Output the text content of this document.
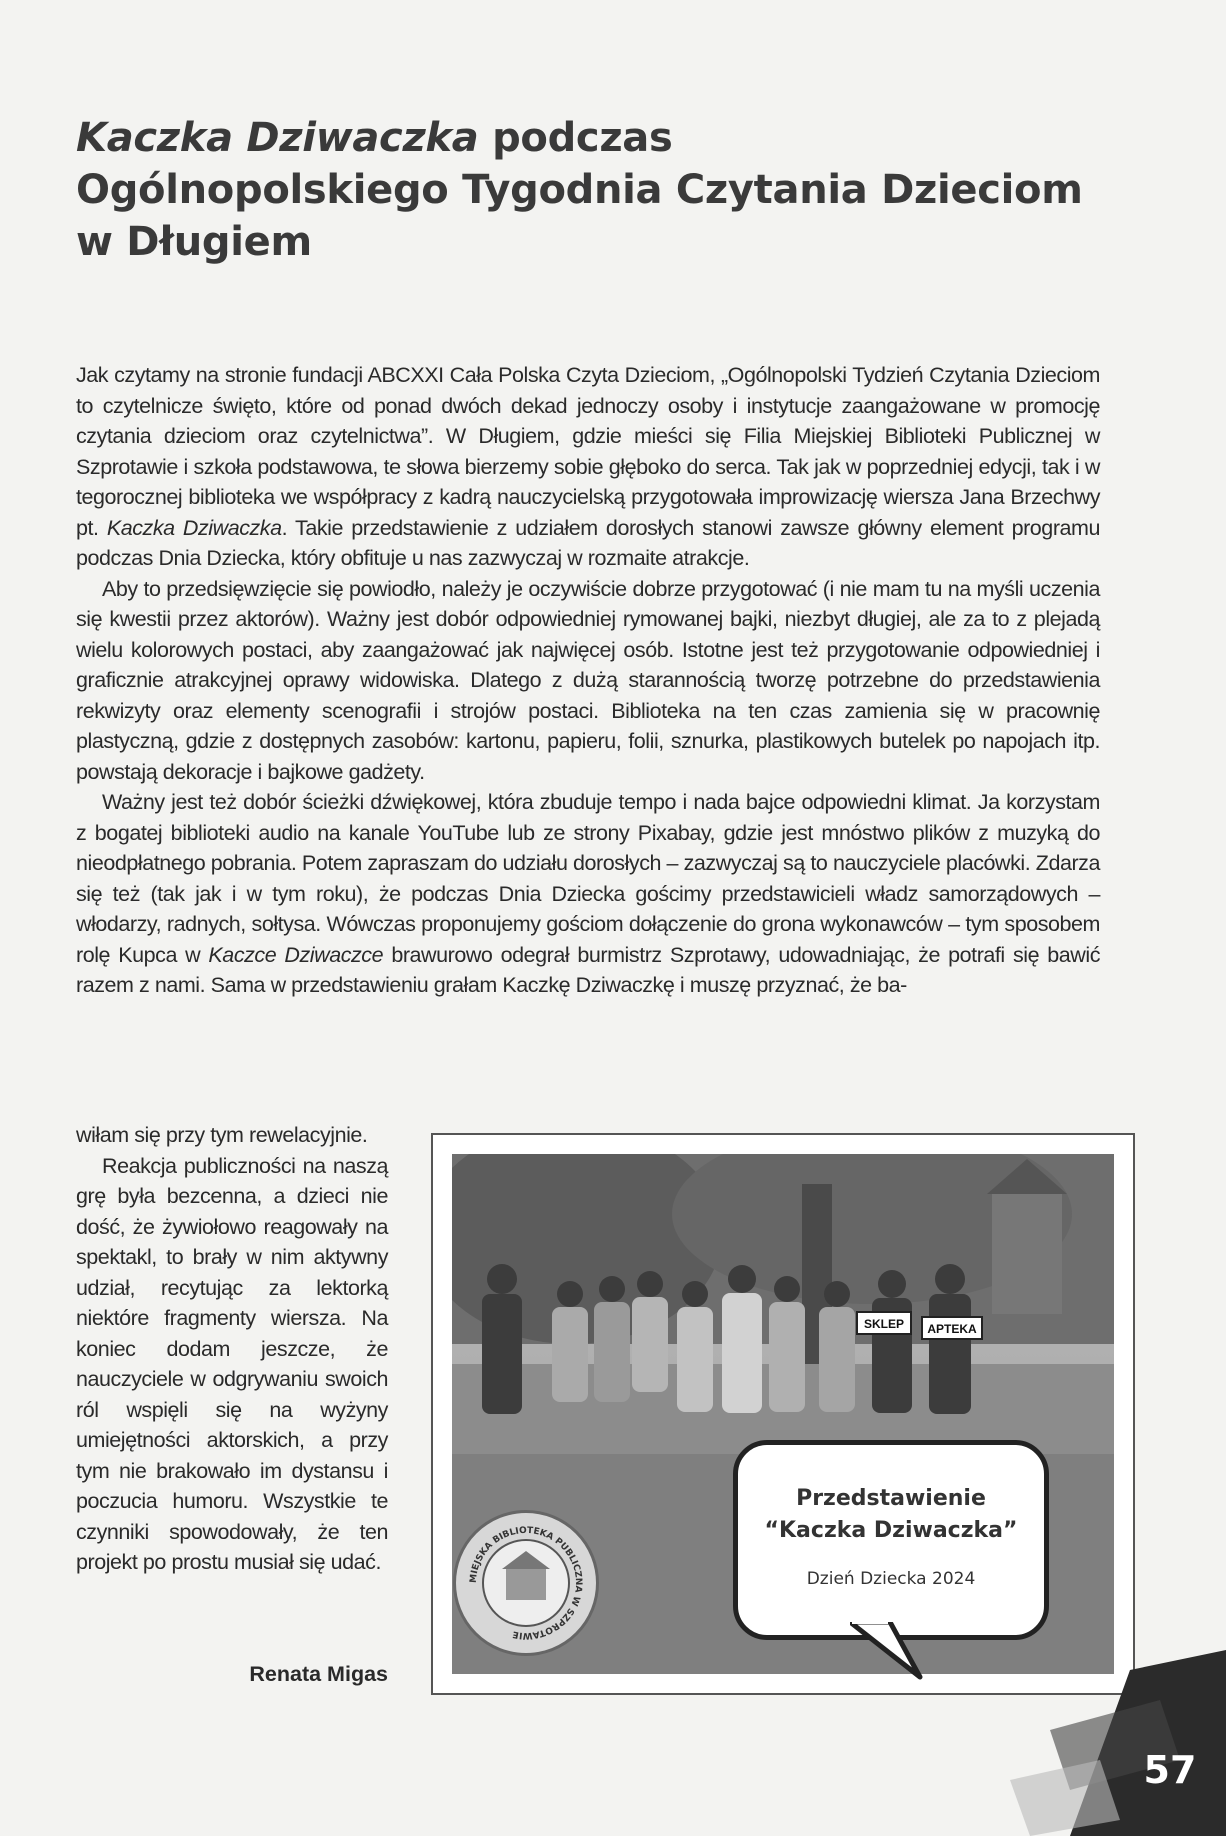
Kaczka Dziwaczka podczas
Ogólnopolskiego Tygodnia Czytania Dzieciom
w Długiem

Jak czytamy na stronie fundacji ABCXXI Cała Polska Czyta Dzieciom, „Ogólnopolski Tydzień Czytania Dzieciom to czytelnicze święto, które od ponad dwóch dekad jednoczy osoby i instytucje zaangażowane w promocję czytania dzieciom oraz czytelnictwa”. W Długiem, gdzie mieści się Filia Miejskiej Biblioteki Publicznej w Szprotawie i szkoła podstawowa, te słowa bierzemy sobie głęboko do serca. Tak jak w poprzedniej edycji, tak i w tegorocznej biblioteka we współpracy z kadrą nauczycielską przygotowała improwizację wiersza Jana Brzechwy pt. Kaczka Dziwaczka. Takie przedstawienie z udziałem dorosłych stanowi zawsze główny element programu podczas Dnia Dziecka, który obfituje u nas zazwyczaj w rozmaite atrakcje.

Aby to przedsięwzięcie się powiodło, należy je oczywiście dobrze przygotować (i nie mam tu na myśli uczenia się kwestii przez aktorów). Ważny jest dobór odpowiedniej rymowanej bajki, niezbyt długiej, ale za to z plejadą wielu kolorowych postaci, aby zaangażować jak najwięcej osób. Istotne jest też przygotowanie odpowiedniej i graficznie atrakcyjnej oprawy widowiska. Dlatego z dużą starannością tworzę potrzebne do przedstawienia rekwizyty oraz elementy scenografii i strojów postaci. Biblioteka na ten czas zamienia się w pracownię plastyczną, gdzie z dostępnych zasobów: kartonu, papieru, folii, sznurka, plastikowych butelek po napojach itp. powstają dekoracje i bajkowe gadżety.

Ważny jest też dobór ścieżki dźwiękowej, która zbuduje tempo i nada bajce odpowiedni klimat. Ja korzystam z bogatej biblioteki audio na kanale YouTube lub ze strony Pixabay, gdzie jest mnóstwo plików z muzyką do nieodpłatnego pobrania. Potem zapraszam do udziału dorosłych – zazwyczaj są to nauczyciele placówki. Zdarza się też (tak jak i w tym roku), że podczas Dnia Dziecka gościmy przedstawicieli władz samorządowych – włodarzy, radnych, sołtysa. Wówczas proponujemy gościom dołączenie do grona wykonawców – tym sposobem rolę Kupca w Kaczce Dziwaczce brawurowo odegrał burmistrz Szprotawy, udowadniając, że potrafi się bawić razem z nami. Sama w przedstawieniu grałam Kaczkę Dziwaczkę i muszę przyznać, że ba-

wiłam się przy tym rewelacyjnie.

Reakcja publiczności na naszą grę była bezcenna, a dzieci nie dość, że żywiołowo reagowały na spektakl, to brały w nim aktywny udział, recytując za lektorką niektóre fragmenty wiersza. Na koniec dodam jeszcze, że nauczyciele w odgrywaniu swoich ról wspięli się na wyżyny umiejętności aktorskich, a przy tym nie brakowało im dystansu i poczucia humoru. Wszystkie te czynniki spowodowały, że ten projekt po prostu musiał się udać.

Renata Migas
SKLEP APTEKA
MIEJSKA BIBLIOTEKA PUBLICZNA W SZPROTAWIE
Przedstawienie
“Kaczka Dziwaczka”
Dzień Dziecka 2024
57
